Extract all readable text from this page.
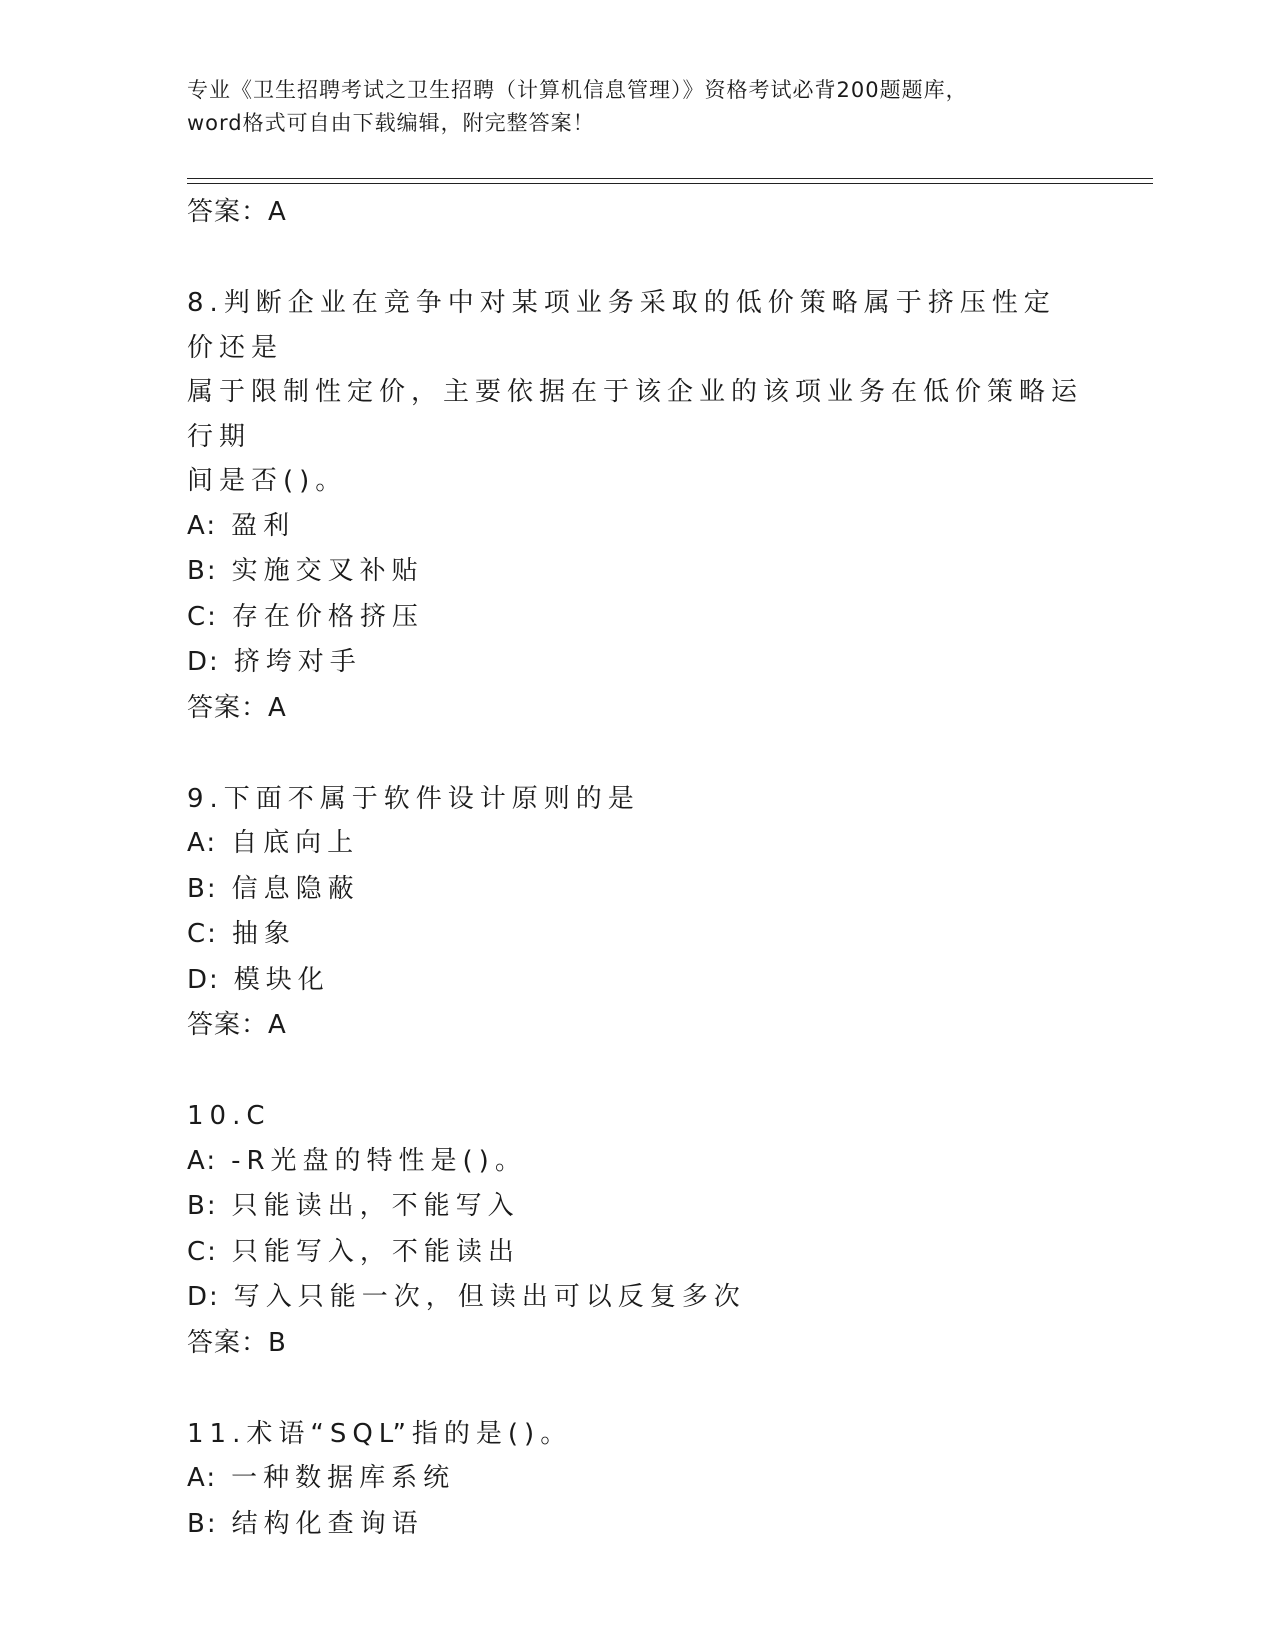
专业《卫生招聘考试之卫生招聘（计算机信息管理）》资格考试必背200题题库，
word格式可自由下载编辑，附完整答案！

答案：A

8.判断企业在竞争中对某项业务采取的低价策略属于挤压性定价还是

属于限制性定价，主要依据在于该企业的该项业务在低价策略运行期

间是否()。

A: 盈利

B: 实施交叉补贴

C: 存在价格挤压

D: 挤垮对手

答案：A

9.下面不属于软件设计原则的是

A: 自底向上

B: 信息隐蔽

C: 抽象

D: 模块化

答案：A

10.C

A: -R光盘的特性是()。

B: 只能读出，不能写入

C: 只能写入，不能读出

D: 写入只能一次，但读出可以反复多次

答案：B

11.术语“SQL”指的是()。

A: 一种数据库系统

B: 结构化查询语
